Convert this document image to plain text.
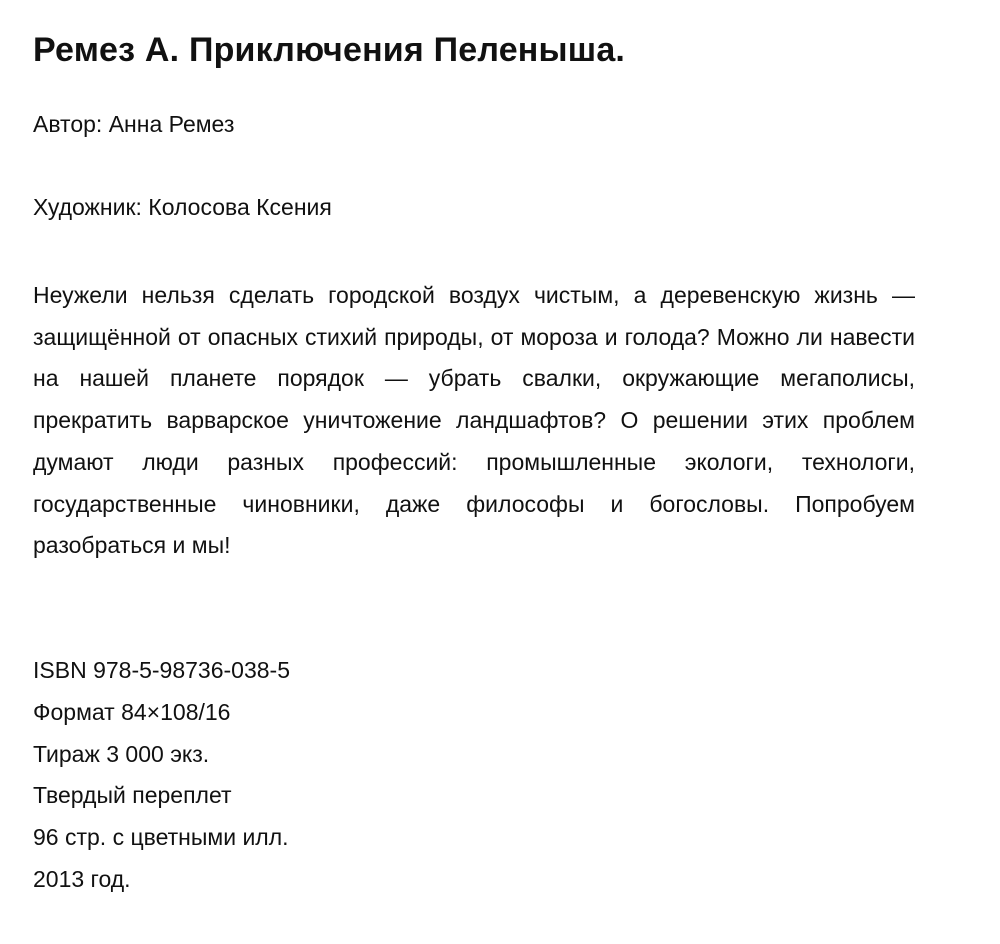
Ремез А. Приключения Пеленыша.
Автор: Анна Ремез
Художник: Колосова Ксения

Неужели нельзя сделать городской воздух чистым, а деревенскую жизнь — защищённой от опасных стихий природы, от мороза и голода? Можно ли навести на нашей планете порядок — убрать свалки, окружающие мегаполисы, прекратить варварское уничтожение ландшафтов? О решении этих проблем думают люди разных профессий: промышленные экологи, технологи, государственные чиновники, даже философы и богословы. Попробуем разобраться и мы!

ISBN 978-5-98736-038-5
Формат 84×108/16
Тираж 3 000 экз.
Твердый переплет
96 стр. с цветными илл.
2013 год.
